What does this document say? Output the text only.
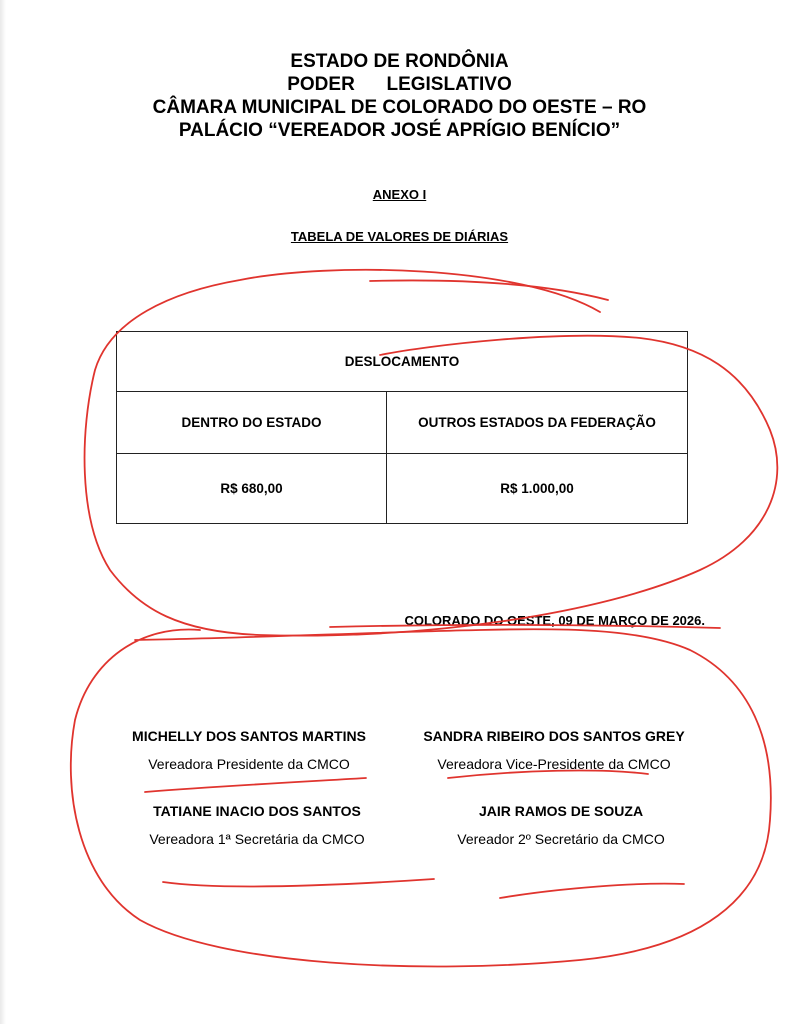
ESTADO DE RONDÔNIA
PODER      LEGISLATIVO
CÂMARA MUNICIPAL DE COLORADO DO OESTE – RO
PALÁCIO “VEREADOR JOSÉ APRÍGIO BENÍCIO”
ANEXO I
TABELA DE VALORES DE DIÁRIAS
DESLOCAMENTO	
DENTRO DO ESTADO	OUTROS ESTADOS DA FEDERAÇÃO
R$ 680,00	R$ 1.000,00
COLORADO DO OESTE, 09 DE MARÇO DE 2026.
MICHELLY DOS SANTOS MARTINS
Vereadora Presidente da CMCO
SANDRA RIBEIRO DOS SANTOS GREY
Vereadora Vice-Presidente da CMCO
TATIANE INACIO DOS SANTOS
Vereadora 1ª Secretária da CMCO
JAIR RAMOS DE SOUZA
Vereador 2º Secretário da CMCO
